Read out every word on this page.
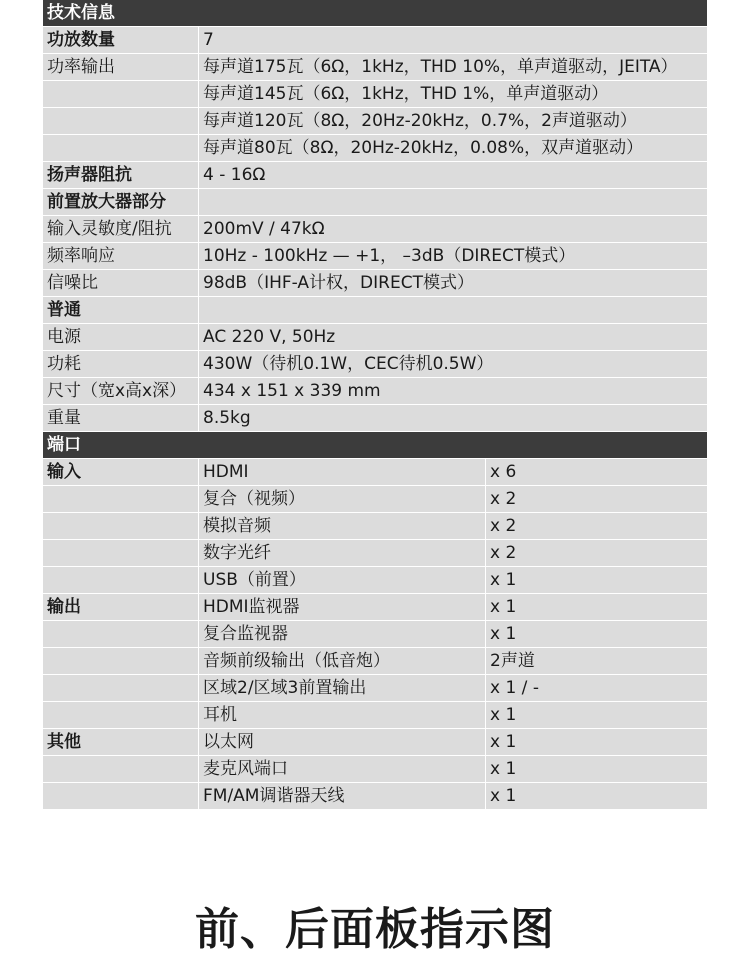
技术信息
功放数量	7
功率输出	每声道175瓦（6Ω，1kHz，THD 10%，单声道驱动，JEITA）
每声道145瓦（6Ω，1kHz，THD 1%，单声道驱动）
每声道120瓦（8Ω，20Hz-20kHz，0.7%，2声道驱动）
每声道80瓦（8Ω，20Hz-20kHz，0.08%，双声道驱动）
扬声器阻抗	4 - 16Ω
前置放大器部分
输入灵敏度/阻抗	200mV / 47kΩ
频率响应	10Hz - 100kHz — +1， –3dB（DIRECT模式）
信噪比	98dB（IHF-A计权，DIRECT模式）
普通
电源	AC 220 V, 50Hz
功耗	430W（待机0.1W，CEC待机0.5W）
尺寸（宽x高x深） 434 x 151 x 339 mm
重量	8.5kg
端口
输入	HDMI	x 6
复合（视频）	x 2
模拟音频	x 2
数字光纤	x 2
USB（前置）	x 1
输出	HDMI监视器	x 1
复合监视器	x 1
音频前级输出（低音炮）	2声道
区域2/区域3前置输出	x 1 / -
耳机	x 1
其他	以太网	x 1
麦克风端口	x 1
FM/AM调谐器天线	x 1
前、后面板指示图
